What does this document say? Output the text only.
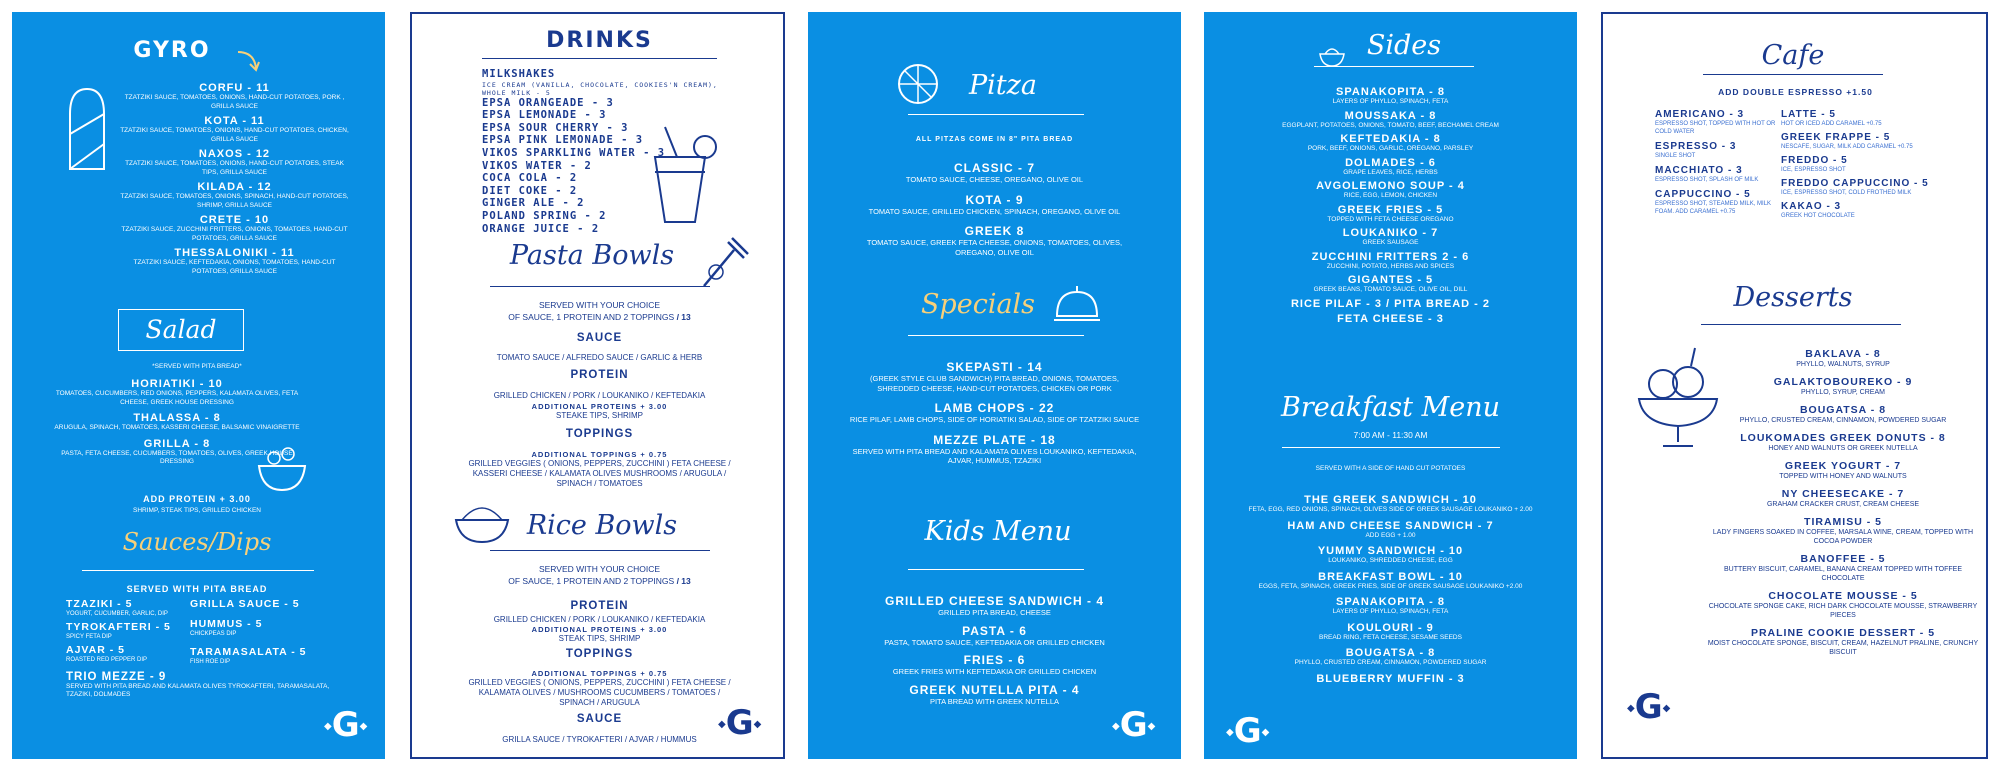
GYRO
CORFU - 11
TZATZIKI SAUCE, TOMATOES, ONIONS, HAND-CUT POTATOES, PORK , GRILLA SAUCE
KOTA - 11
TZATZIKI SAUCE, TOMATOES, ONIONS, HAND-CUT POTATOES, CHICKEN, GRILLA SAUCE
NAXOS - 12
TZATZIKI SAUCE, TOMATOES, ONIONS, HAND-CUT POTATOES, STEAK TIPS, GRILLA SAUCE
KILADA - 12
TZATZIKI SAUCE, TOMATOES, ONIONS, SPINACH, HAND-CUT POTATOES, SHRIMP, GRILLA SAUCE
CRETE - 10
TZATZIKI SAUCE, ZUCCHINI FRITTERS, ONIONS, TOMATOES, HAND-CUT POTATOES, GRILLA SAUCE
THESSALONIKI - 11
TZATZIKI SAUCE, KEFTEDAKIA, ONIONS, TOMATOES, HAND-CUT POTATOES, GRILLA SAUCE
Salad
*SERVED WITH PITA BREAD*
HORIATIKI - 10
TOMATOES, CUCUMBERS, RED ONIONS, PEPPERS, KALAMATA OLIVES, FETA CHEESE, GREEK HOUSE DRESSING
THALASSA - 8
ARUGULA, SPINACH, TOMATOES, KASSERI CHEESE, BALSAMIC VINAIGRETTE
GRILLA - 8
PASTA, FETA CHEESE, CUCUMBERS, TOMATOES, OLIVES, GREEK HOUSE DRESSING
ADD PROTEIN + 3.00
SHRIMP, STEAK TIPS, GRILLED CHICKEN
Sauces/Dips
SERVED WITH PITA BREAD
TZAZIKI - 5
YOGURT, CUCUMBER, GARLIC, DIP
TYROKAFTERI - 5
SPICY FETA DIP
AJVAR - 5
ROASTED RED PEPPER DIP
GRILLA SAUCE - 5
HUMMUS - 5
CHICKPEAS DIP
TARAMASALATA - 5
FISH ROE DIP
TRIO MEZZE - 9
SERVED WITH PITA BREAD AND KALAMATA OLIVES TYROKAFTERI, TARAMASALATA, TZAZIKI, DOLMADES
◆G◆
DRINKS
MILKSHAKES
ICE CREAM (VANILLA, CHOCOLATE, COOKIES'N CREAM), WHOLE MILK - 5
EPSA ORANGEADE - 3
EPSA LEMONADE - 3
EPSA SOUR CHERRY - 3
EPSA PINK LEMONADE - 3
VIKOS SPARKLING WATER - 3
VIKOS WATER - 2
COCA COLA - 2
DIET COKE - 2
GINGER ALE - 2
POLAND SPRING - 2
ORANGE JUICE - 2
Pasta Bowls
SERVED WITH YOUR CHOICE
OF SAUCE, 1 PROTEIN AND 2 TOPPINGS / 13
SAUCE
TOMATO SAUCE / ALFREDO SAUCE / GARLIC & HERB
PROTEIN
GRILLED CHICKEN / PORK / LOUKANIKO / KEFTEDAKIA
ADDITIONAL PROTEINS + 3.00
STEAKE TIPS, SHRIMP
TOPPINGS
ADDITIONAL TOPPINGS + 0.75
GRILLED VEGGIES ( ONIONS, PEPPERS, ZUCCHINI ) FETA CHEESE / KASSERI CHEESE / KALAMATA OLIVES MUSHROOMS / ARUGULA / SPINACH / TOMATOES
Rice Bowls
SERVED WITH YOUR CHOICE
OF SAUCE, 1 PROTEIN AND 2 TOPPINGS / 13
PROTEIN
GRILLED CHICKEN / PORK / LOUKANIKO / KEFTEDAKIA
ADDITIONAL PROTEINS + 3.00
STEAK TIPS, SHRIMP
TOPPINGS
ADDITIONAL TOPPINGS + 0.75
GRILLED VEGGIES ( ONIONS, PEPPERS, ZUCCHINI ) FETA CHEESE / KALAMATA OLIVES / MUSHROOMS CUCUMBERS / TOMATOES / SPINACH / ARUGULA
SAUCE
GRILLA SAUCE / TYROKAFTERI / AJVAR / HUMMUS
◆G◆
Pitza
ALL PITZAS COME IN 8" PITA BREAD
CLASSIC - 7
TOMATO SAUCE, CHEESE, OREGANO, OLIVE OIL
KOTA - 9
TOMATO SAUCE, GRILLED CHICKEN, SPINACH, OREGANO, OLIVE OIL
GREEK 8
TOMATO SAUCE, GREEK FETA CHEESE, ONIONS, TOMATOES, OLIVES, OREGANO, OLIVE OIL
Specials
SKEPASTI - 14
(GREEK STYLE CLUB SANDWICH) PITA BREAD, ONIONS, TOMATOES, SHREDDED CHEESE, HAND-CUT POTATOES, CHICKEN OR PORK
LAMB CHOPS - 22
RICE PILAF, LAMB CHOPS, SIDE OF HORIATIKI SALAD, SIDE OF TZATZIKI SAUCE
MEZZE PLATE - 18
SERVED WITH PITA BREAD AND KALAMATA OLIVES LOUKANIKO, KEFTEDAKIA, AJVAR, HUMMUS, TZAZIKI
Kids Menu
GRILLED CHEESE SANDWICH - 4
GRILLED PITA BREAD, CHEESE
PASTA - 6
PASTA, TOMATO SAUCE, KEFTEDAKIA OR GRILLED CHICKEN
FRIES - 6
GREEK FRIES WITH KEFTEDAKIA OR GRILLED CHICKEN
GREEK NUTELLA PITA - 4
PITA BREAD WITH GREEK NUTELLA
◆G◆
Sides
SPANAKOPITA - 8
LAYERS OF PHYLLO, SPINACH, FETA
MOUSSAKA - 8
EGGPLANT, POTATOES, ONIONS, TOMATO, BEEF, BECHAMEL CREAM
KEFTEDAKIA - 8
PORK, BEEF, ONIONS, GARLIC, OREGANO, PARSLEY
DOLMADES - 6
GRAPE LEAVES, RICE, HERBS
AVGOLEMONO SOUP - 4
RICE, EGG, LEMON, CHICKEN
GREEK FRIES - 5
TOPPED WITH FETA CHEESE OREGANO
LOUKANIKO - 7
GREEK SAUSAGE
ZUCCHINI FRITTERS 2 - 6
ZUCCHINI, POTATO, HERBS AND SPICES
GIGANTES - 5
GREEK BEANS, TOMATO SAUCE, OLIVE OIL, DILL
RICE PILAF - 3 / PITA BREAD - 2
FETA CHEESE - 3
Breakfast Menu
7:00 AM - 11:30 AM
SERVED WITH A SIDE OF HAND CUT POTATOES
THE GREEK SANDWICH - 10
FETA, EGG, RED ONIONS, SPINACH, OLIVES SIDE OF GREEK SAUSAGE LOUKANIKO + 2.00
HAM AND CHEESE SANDWICH - 7
ADD EGG + 1.00
YUMMY SANDWICH - 10
LOUKANIKO, SHREDDED CHEESE, EGG
BREAKFAST BOWL - 10
EGGS, FETA, SPINACH, GREEK FRIES, SIDE OF GREEK SAUSAGE LOUKANIKO +2.00
SPANAKOPITA - 8
LAYERS OF PHYLLO, SPINACH, FETA
KOULOURI - 9
BREAD RING, FETA CHEESE, SESAME SEEDS
BOUGATSA - 8
PHYLLO, CRUSTED CREAM, CINNAMON, POWDERED SUGAR
BLUEBERRY MUFFIN - 3
◆G◆
Cafe
ADD DOUBLE ESPRESSO +1.50
AMERICANO - 3
ESPRESSO SHOT, TOPPED WITH HOT OR COLD WATER
ESPRESSO - 3
SINGLE SHOT
MACCHIATO - 3
ESPRESSO SHOT, SPLASH OF MILK
CAPPUCCINO - 5
ESPRESSO SHOT, STEAMED MILK, MILK FOAM. ADD CARAMEL +0.75
LATTE - 5
HOT OR ICED ADD CARAMEL +0.75
GREEK FRAPPE - 5
NESCAFE, SUGAR, MILK ADD CARAMEL +0.75
FREDDO - 5
ICE, ESPRESSO SHOT
FREDDO CAPPUCCINO - 5
ICE, ESPRESSO SHOT, COLD FROTHED MILK
KAKAO - 3
GREEK HOT CHOCOLATE
Desserts
BAKLAVA - 8
PHYLLO, WALNUTS, SYRUP
GALAKTOBOUREKO - 9
PHYLLO, SYRUP, CREAM
BOUGATSA - 8
PHYLLO, CRUSTED CREAM, CINNAMON, POWDERED SUGAR
LOUKOMADES GREEK DONUTS - 8
HONEY AND WALNUTS OR GREEK NUTELLA
GREEK YOGURT - 7
TOPPED WITH HONEY AND WALNUTS
NY CHEESECAKE - 7
GRAHAM CRACKER CRUST, CREAM CHEESE
TIRAMISU - 5
LADY FINGERS SOAKED IN COFFEE, MARSALA WINE, CREAM, TOPPED WITH COCOA POWDER
BANOFFEE - 5
BUTTERY BISCUIT, CARAMEL, BANANA CREAM TOPPED WITH TOFFEE CHOCOLATE
CHOCOLATE MOUSSE - 5
CHOCOLATE SPONGE CAKE, RICH DARK CHOCOLATE MOUSSE, STRAWBERRY PIECES
PRALINE COOKIE DESSERT - 5
MOIST CHOCOLATE SPONGE, BISCUIT, CREAM, HAZELNUT PRALINE, CRUNCHY BISCUIT
◆G◆
